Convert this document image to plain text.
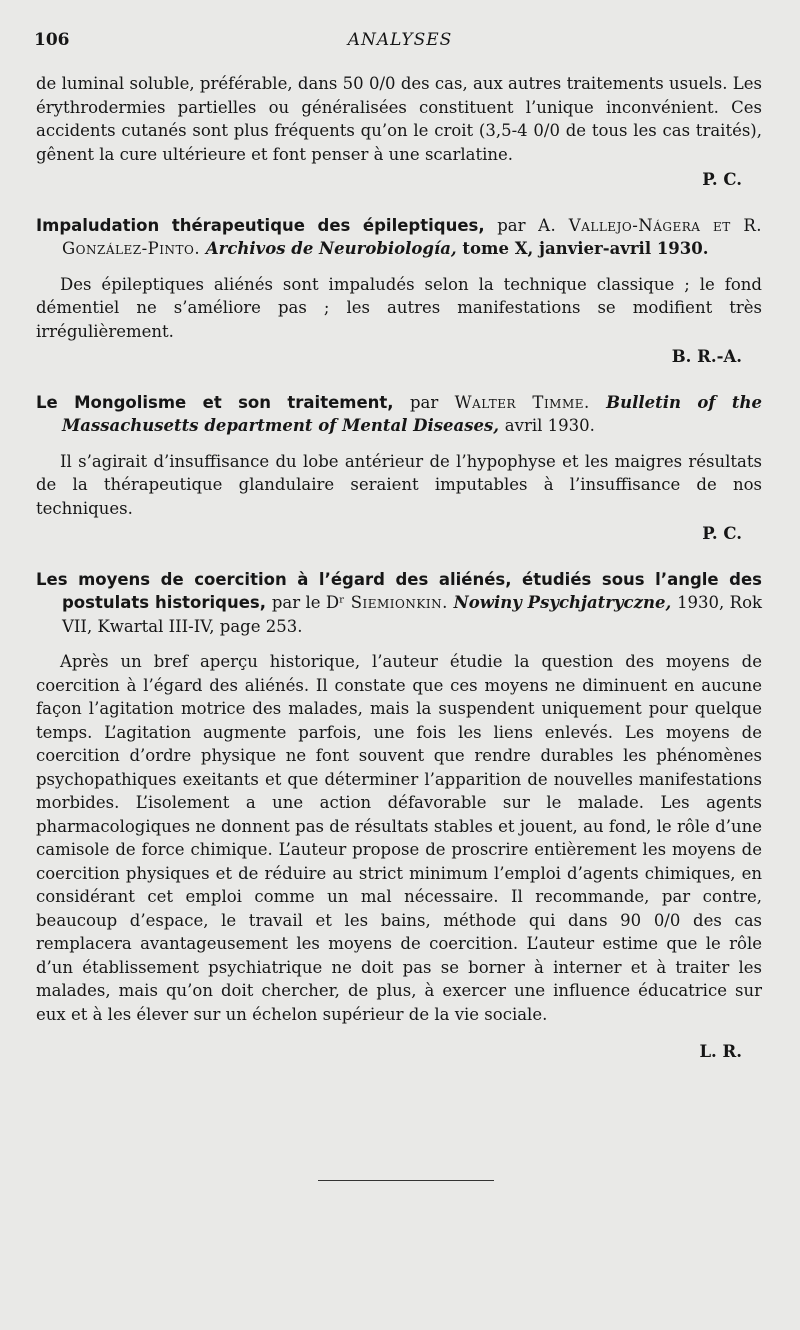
106	ANALYSES

de luminal soluble, préférable, dans 50 0/0 des cas, aux autres traitements usuels. Les érythrodermies partielles ou généralisées constituent l’unique inconvénient. Ces accidents cutanés sont plus fréquents qu’on le croit (3,5-4 0/0 de tous les cas traités), gênent la cure ultérieure et font penser à une scarlatine.

P. C.

Impaludation thérapeutique des épileptiques, par A. Vallejo-Nágera et R. González-Pinto. Archivos de Neurobiología, tome X, janvier-avril 1930.

Des épileptiques aliénés sont impaludés selon la technique classique ; le fond démentiel ne s’améliore pas ; les autres manifestations se modifient très irrégulièrement.

B. R.-A.

Le Mongolisme et son traitement, par Walter Timme. Bulletin of the Massachusetts department of Mental Diseases, avril 1930.

Il s’agirait d’insuffisance du lobe antérieur de l’hypophyse et les maigres résultats de la thérapeutique glandulaire seraient imputables à l’insuffisance de nos techniques.

P. C.

Les moyens de coercition à l’égard des aliénés, étudiés sous l’angle des postulats historiques, par le Dʳ Siemionkin. Nowiny Psychjatryczne, 1930, Rok VII, Kwartal III-IV, page 253.

Après un bref aperçu historique, l’auteur étudie la question des moyens de coercition à l’égard des aliénés. Il constate que ces moyens ne diminuent en aucune façon l’agitation motrice des malades, mais la suspendent uniquement pour quelque temps. L’agitation augmente parfois, une fois les liens enlevés. Les moyens de coercition d’ordre physique ne font souvent que rendre durables les phénomènes psychopathiques exeitants et que déterminer l’apparition de nouvelles manifestations morbides. L’isolement a une action défavorable sur le malade. Les agents pharmacologiques ne donnent pas de résultats stables et jouent, au fond, le rôle d’une camisole de force chimique. L’auteur propose de proscrire entièrement les moyens de coercition physiques et de réduire au strict minimum l’emploi d’agents chimiques, en considérant cet emploi comme un mal nécessaire. Il recommande, par contre, beaucoup d’espace, le travail et les bains, méthode qui dans 90 0/0 des cas remplacera avantageusement les moyens de coercition. L’auteur estime que le rôle d’un établissement psychiatrique ne doit pas se borner à interner et à traiter les malades, mais qu’on doit chercher, de plus, à exercer une influence éducatrice sur eux et à les élever sur un échelon supérieur de la vie sociale.

L. R.
